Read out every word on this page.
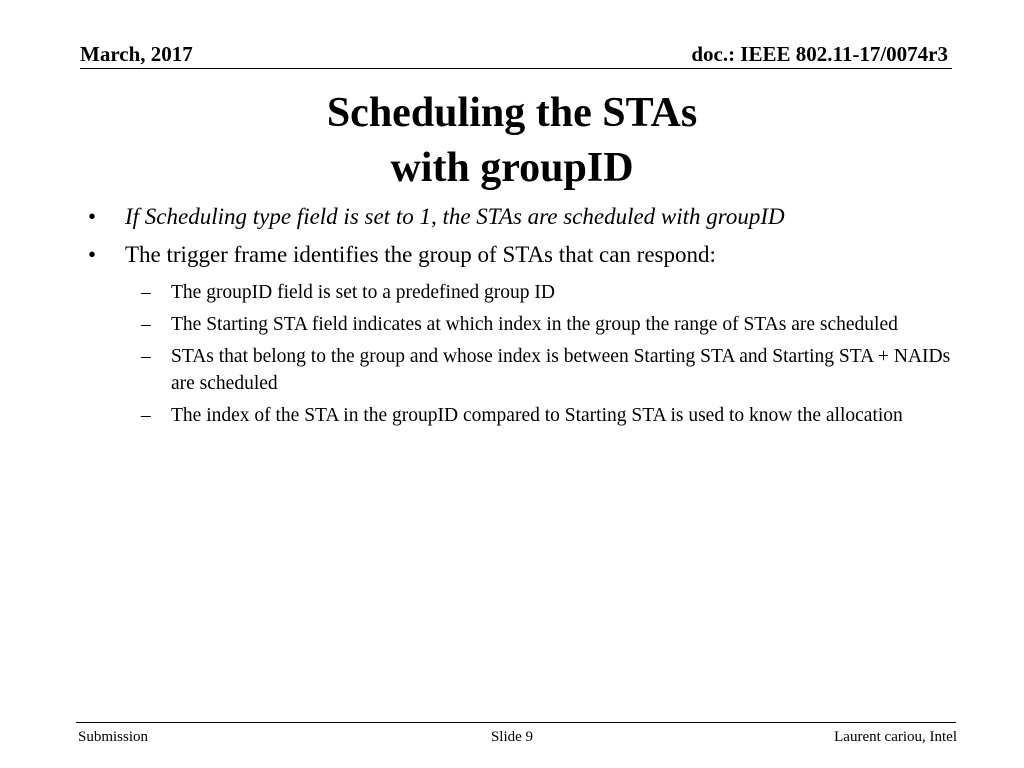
March, 2017	doc.: IEEE 802.11-17/0074r3
Scheduling the STAs
with groupID
• If Scheduling type field is set to 1, the STAs are scheduled with groupID
• The trigger frame identifies the group of STAs that can respond:
– The groupID field is set to a predefined group ID
– The Starting STA field indicates at which index in the group the range of STAs are scheduled
– STAs that belong to the group and whose index is between Starting STA and Starting STA + NAIDs are scheduled
– The index of the STA in the groupID compared to Starting STA is used to know the allocation
Submission	Slide 9	Laurent cariou, Intel
